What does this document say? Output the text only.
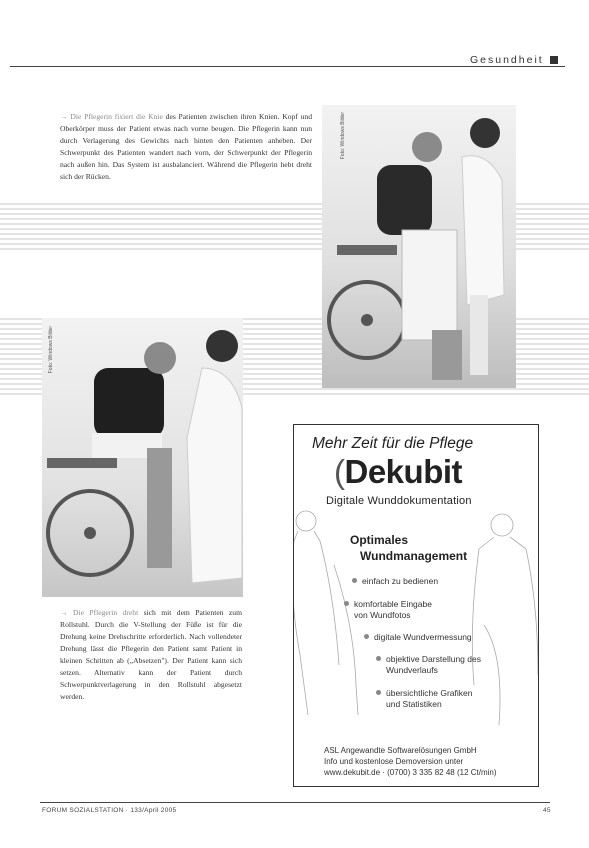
Gesundheit
→ Die Pflegerin fixiert die Knie des Patienten zwischen ihren Knien. Kopf und Oberkörper muss der Patient etwas nach vorne beugen. Die Pflegerin kann nun durch Verlagerung des Gewichts nach hinten den Patienten anheben. Der Schwerpunkt des Patienten wandert nach vorn, der Schwerpunkt der Pflegerin nach außen hin. Das System ist ausbalanciert. Während die Pflegerin hebt dreht sich der Rücken.
Foto: Windows Bilder
Foto: Windows Bilder
→ Die Pflegerin dreht sich mit dem Patienten zum Rollstuhl. Durch die V-Stellung der Füße ist für die Drehung keine Drehschritte erforderlich. Nach vollendeter Drehung lässt die Pflegerin den Patient samt Patient in kleinen Schritten ab („Absetzen"). Der Patient kann sich setzen. Alternativ kann der Patient durch Schwerpunktverlagerung in den Rollstuhl abgesetzt werden.
Mehr Zeit für die Pflege
(Dekubit
Digitale Wunddokumentation
Optimales
Wundmanagement
einfach zu bedienen
komfortable Eingabe
von Wundfotos
digitale Wundvermessung
objektive Darstellung des
Wundverlaufs
übersichtliche Grafiken
und Statistiken
ASL Angewandte Softwarelösungen GmbH
Info und kostenlose Demoversion unter
www.dekubit.de · (0700) 3 335 82 48 (12 Ct/min)
FORUM SOZIALSTATION · 133/April 2005	45
